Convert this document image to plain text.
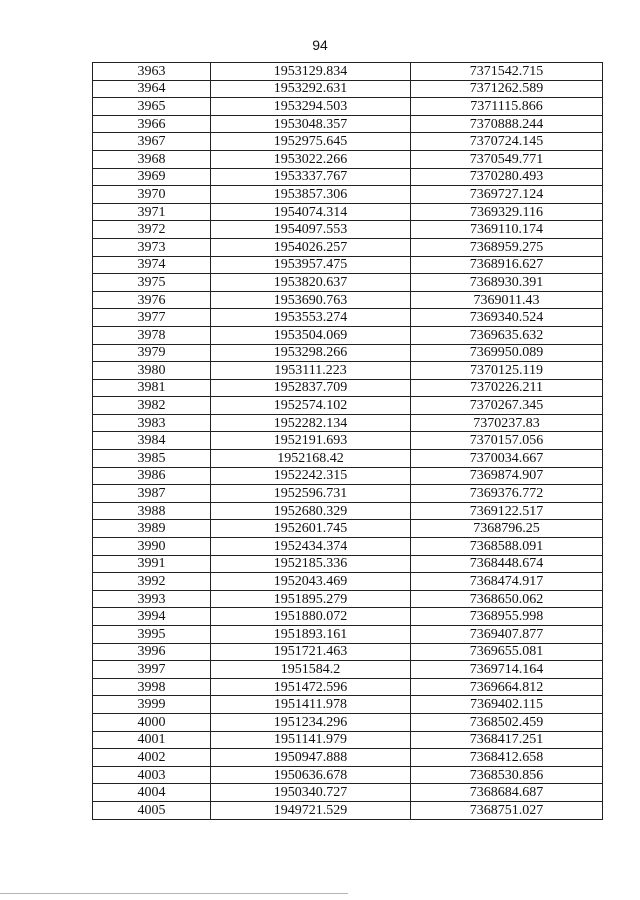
94
3963	1953129.834	7371542.715
3964	1953292.631	7371262.589
3965	1953294.503	7371115.866
3966	1953048.357	7370888.244
3967	1952975.645	7370724.145
3968	1953022.266	7370549.771
3969	1953337.767	7370280.493
3970	1953857.306	7369727.124
3971	1954074.314	7369329.116
3972	1954097.553	7369110.174
3973	1954026.257	7368959.275
3974	1953957.475	7368916.627
3975	1953820.637	7368930.391
3976	1953690.763	7369011.43
3977	1953553.274	7369340.524
3978	1953504.069	7369635.632
3979	1953298.266	7369950.089
3980	1953111.223	7370125.119
3981	1952837.709	7370226.211
3982	1952574.102	7370267.345
3983	1952282.134	7370237.83
3984	1952191.693	7370157.056
3985	1952168.42	7370034.667
3986	1952242.315	7369874.907
3987	1952596.731	7369376.772
3988	1952680.329	7369122.517
3989	1952601.745	7368796.25
3990	1952434.374	7368588.091
3991	1952185.336	7368448.674
3992	1952043.469	7368474.917
3993	1951895.279	7368650.062
3994	1951880.072	7368955.998
3995	1951893.161	7369407.877
3996	1951721.463	7369655.081
3997	1951584.2	7369714.164
3998	1951472.596	7369664.812
3999	1951411.978	7369402.115
4000	1951234.296	7368502.459
4001	1951141.979	7368417.251
4002	1950947.888	7368412.658
4003	1950636.678	7368530.856
4004	1950340.727	7368684.687
4005	1949721.529	7368751.027
